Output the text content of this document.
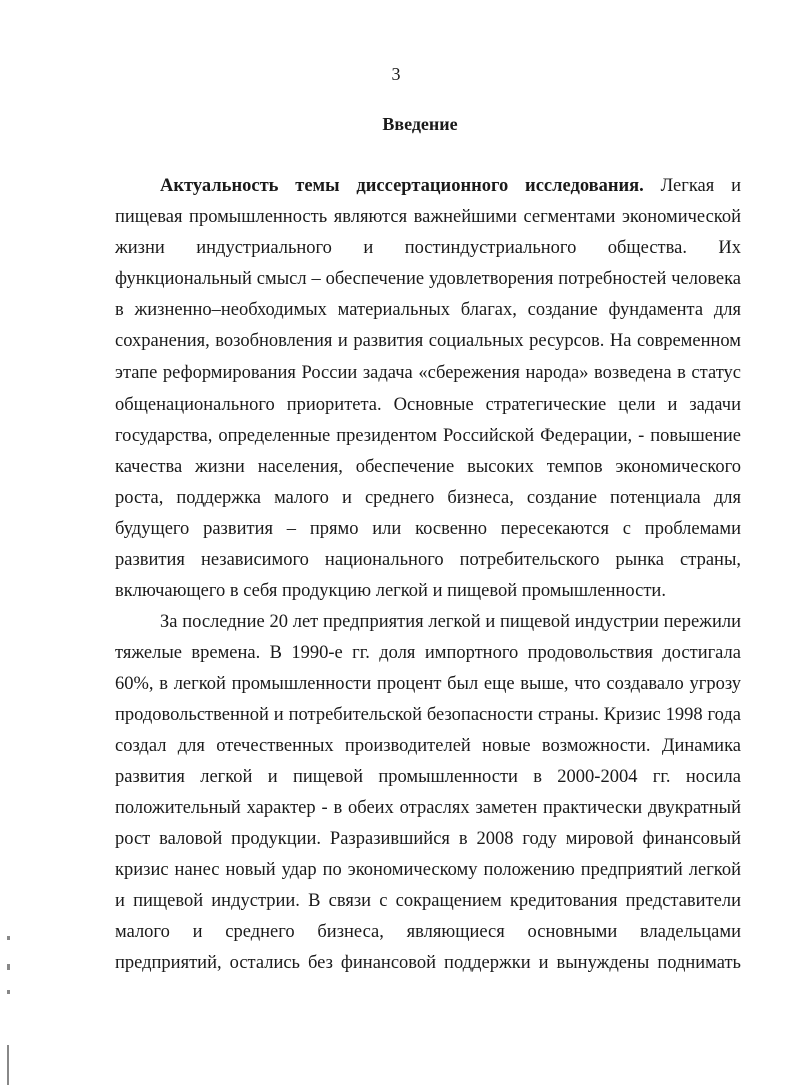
3
Введение
Актуальность темы диссертационного исследования. Легкая и
пищевая промышленность являются важнейшими сегментами экономической
жизни индустриального и постиндустриального общества. Их
функциональный смысл – обеспечение удовлетворения потребностей человека
в жизненно–необходимых материальных благах, создание фундамента для
сохранения, возобновления и развития социальных ресурсов. На современном
этапе реформирования России задача «сбережения народа» возведена в статус
общенационального приоритета. Основные стратегические цели и задачи
государства, определенные президентом Российской Федерации, - повышение
качества жизни населения, обеспечение высоких темпов экономического
роста, поддержка малого и среднего бизнеса, создание потенциала для
будущего развития – прямо или косвенно пересекаются с проблемами
развития независимого национального потребительского рынка страны,
включающего в себя продукцию легкой и пищевой промышленности.
За последние 20 лет предприятия легкой и пищевой индустрии пережили
тяжелые времена. В 1990-е гг. доля импортного продовольствия достигала
60%, в легкой промышленности процент был еще выше, что создавало угрозу
продовольственной и потребительской безопасности страны. Кризис 1998 года
создал для отечественных производителей новые возможности. Динамика
развития легкой и пищевой промышленности в 2000-2004 гг. носила
положительный характер - в обеих отраслях заметен практически двукратный
рост валовой продукции. Разразившийся в 2008 году мировой финансовый
кризис нанес новый удар по экономическому положению предприятий легкой
и пищевой индустрии. В связи с сокращением кредитования представители
малого и среднего бизнеса, являющиеся основными владельцами
предприятий, остались без финансовой поддержки и вынуждены поднимать
